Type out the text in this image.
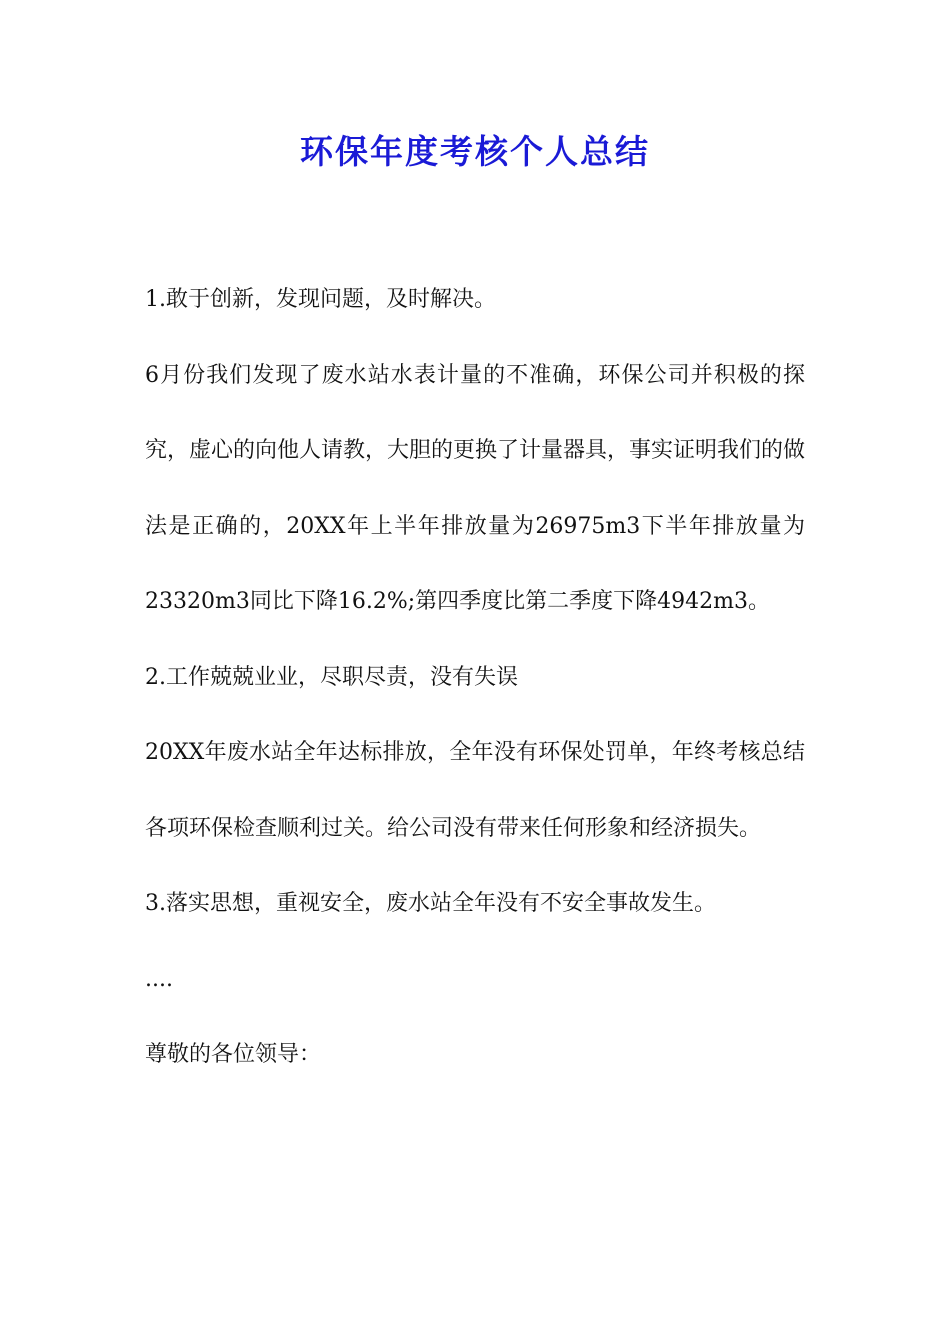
环保年度考核个人总结

1.敢于创新，发现问题，及时解决。

6月份我们发现了废水站水表计量的不准确，环保公司并积极的探究，虚心的向他人请教，大胆的更换了计量器具，事实证明我们的做法是正确的，20XX年上半年排放量为26975m3下半年排放量为23320m3同比下降16.2%;第四季度比第二季度下降4942m3。

2.工作兢兢业业，尽职尽责，没有失误

20XX年废水站全年达标排放，全年没有环保处罚单，年终考核总结各项环保检查顺利过关。给公司没有带来任何形象和经济损失。

3.落实思想，重视安全，废水站全年没有不安全事故发生。

....

尊敬的各位领导：
